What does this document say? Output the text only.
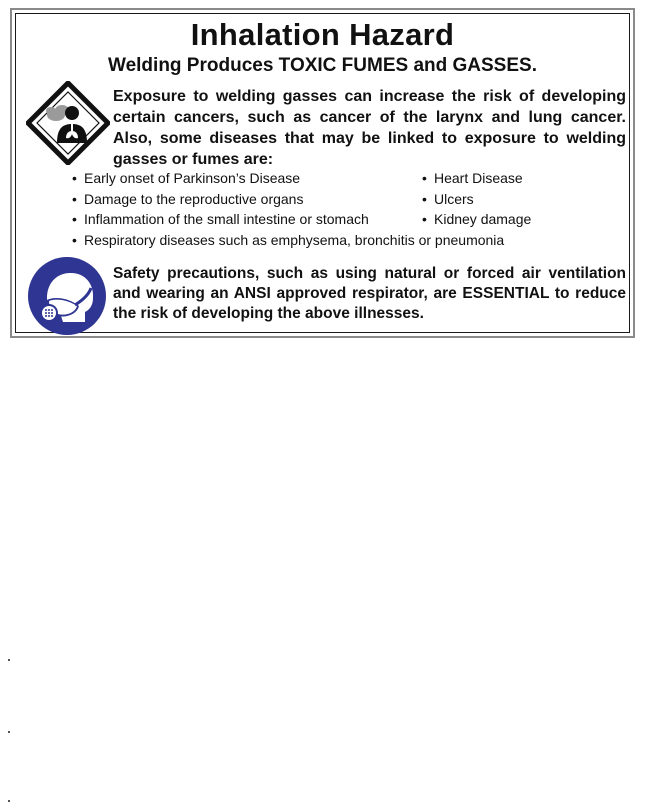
Inhalation Hazard
Welding Produces TOXIC FUMES and GASSES.
Exposure to welding gasses can increase the risk of developing certain cancers, such as cancer of the larynx and lung cancer. Also, some diseases that may be linked to exposure to welding gasses or fumes are:
• Early onset of Parkinson’s Disease	• Heart Disease
• Damage to the reproductive organs	• Ulcers
• Inflammation of the small intestine or stomach	• Kidney damage
• Respiratory diseases such as emphysema, bronchitis or pneumonia
Safety precautions, such as using natural or forced air ventilation and wearing an ANSI approved respirator, are ESSENTIAL to reduce the risk of developing the above illnesses.
